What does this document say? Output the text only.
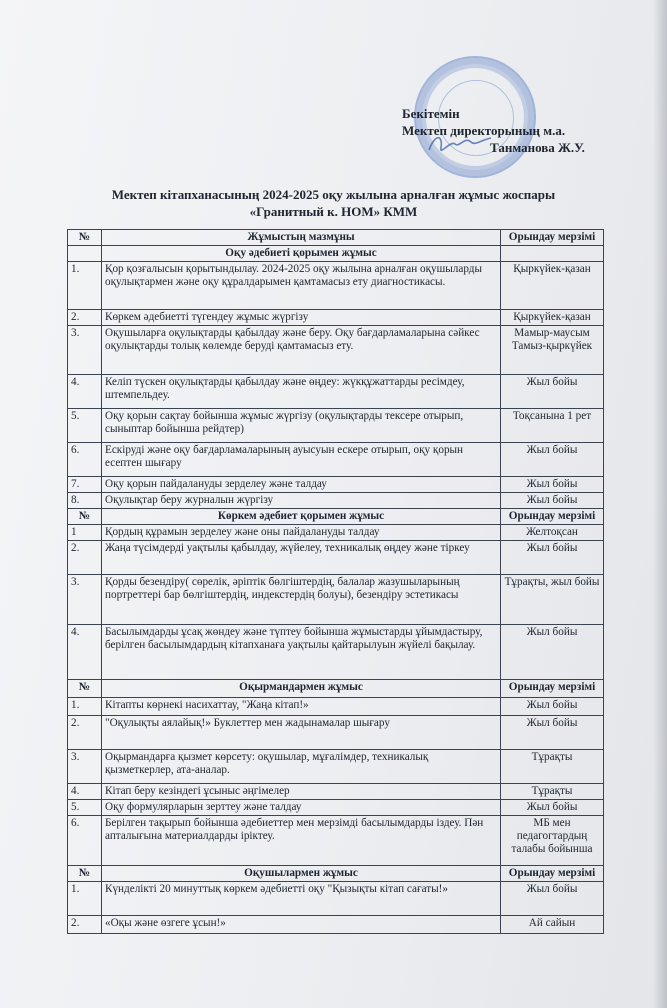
Бекітемін
Мектеп директорының м.а.
Танманова Ж.У.
Мектеп кітапханасының 2024-2025 оқу жылына арналған жұмыс жоспары
«Гранитный к. НОМ» КММ
№	Жұмыстың мазмұны	Орындау мерзімі
	Оқу әдебиеті қорымен жұмыс	
1.	Қор қозғалысын қорытындылау. 2024-2025 оқу жылына арналған оқушыларды оқулықтармен және оқу құралдарымен қамтамасыз ету диагностикасы.	Қыркүйек-қазан
2.	Көркем әдебиетті түгендеу жұмыс жүргізу	Қыркүйек-қазан
3.	Оқушыларға оқулықтарды қабылдау және беру. Оқу бағдарламаларына сәйкес оқулықтарды толық көлемде беруді қамтамасыз ету.	Мамыр-маусым Тамыз-қыркүйек
4.	Келіп түскен оқулықтарды қабылдау және өңдеу: жүкқұжаттарды ресімдеу, штемпельдеу.	Жыл бойы
5.	Оқу қорын сақтау бойынша жұмыс жүргізу (оқулықтарды тексере отырып, сыныптар бойынша рейдтер)	Тоқсанына 1 рет
6.	Ескіруді және оқу бағдарламаларының ауысуын ескере отырып, оқу қорын есептен шығару	Жыл бойы
7.	Оқу қорын пайдалануды зерделеу және талдау	Жыл бойы
8.	Оқулықтар беру журналын жүргізу	Жыл бойы
№	Көркем әдебиет қорымен жұмыс	Орындау мерзімі
1	Қордың құрамын зерделеу және оны пайдалануды талдау	Желтоқсан
2.	Жаңа түсімдерді уақтылы қабылдау, жүйелеу, техникалық өңдеу және тіркеу	Жыл бойы
3.	Қорды безендіру( сөрелік, әріптік бөлгіштердің, балалар жазушыларының портреттері бар бөлгіштердің, индекстердің болуы), безендіру эстетикасы	Тұрақты, жыл бойы
4.	Басылымдарды ұсақ жөндеу және түптеу бойынша жұмыстарды ұйымдастыру, берілген басылымдардың кітапханаға уақтылы қайтарылуын жүйелі бақылау.	Жыл бойы
№	Оқырмандармен жұмыс	Орындау мерзімі
1.	Кітапты көрнекі насихаттау, "Жаңа кітап!»	Жыл бойы
2.	"Оқулықты аялайық!» Буклеттер мен жадынамалар шығару	Жыл бойы
3.	Оқырмандарға қызмет көрсету: оқушылар, мұғалімдер, техникалық қызметкерлер, ата-аналар.	Тұрақты
4.	Кітап беру кезіндегі ұсыныс әңгімелер	Тұрақты
5.	Оқу формулярларын зерттеу және талдау	Жыл бойы
6.	Берілген тақырып бойынша әдебиеттер мен мерзімді басылымдарды іздеу. Пән апталығына материалдарды іріктеу.	МБ мен педагогтардың талабы бойынша
№	Оқушылармен жұмыс	Орындау мерзімі
1.	Күнделікті 20 минуттық көркем әдебиетті оқу "Қызықты кітап сағаты!»	Жыл бойы
2.	«Оқы және өзгеге ұсын!»	Ай сайын
